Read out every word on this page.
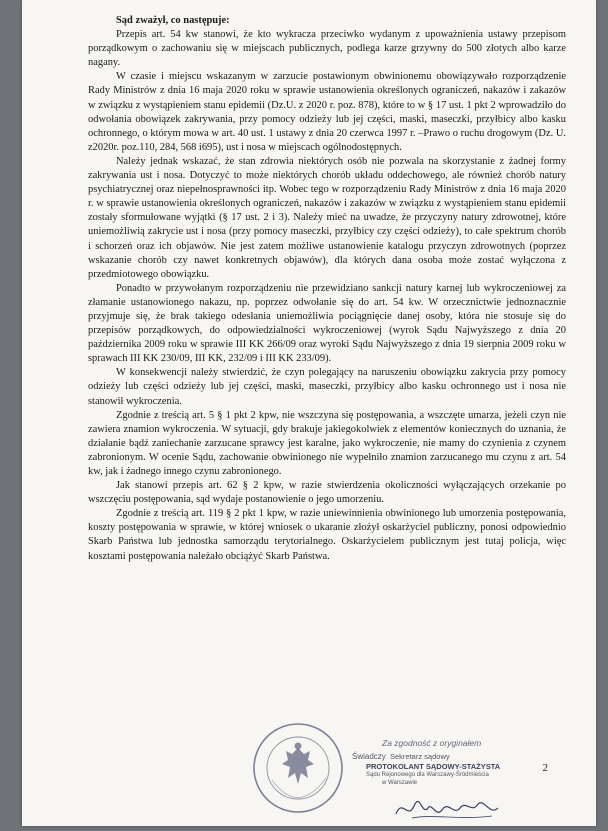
Sąd zważył, co następuje:

Przepis art. 54 kw stanowi, że kto wykracza przeciwko wydanym z upoważnienia ustawy przepisom porządkowym o zachowaniu się w miejscach publicznych, podlega karze grzywny do 500 złotych albo karze nagany.

W czasie i miejscu wskazanym w zarzucie postawionym obwinionemu obowiązywało rozporządzenie Rady Ministrów z dnia 16 maja 2020 roku w sprawie ustanowienia określonych ograniczeń, nakazów i zakazów w związku z wystąpieniem stanu epidemii (Dz.U. z 2020 r. poz. 878), które to w § 17 ust. 1 pkt 2 wprowadziło do odwołania obowiązek zakrywania, przy pomocy odzieży lub jej części, maski, maseczki, przyłbicy albo kasku ochronnego, o którym mowa w art. 40 ust. 1 ustawy z dnia 20 czerwca 1997 r. –Prawo o ruchu drogowym (Dz. U. z2020r. poz.110, 284, 568 i695), ust i nosa w miejscach ogólnodostępnych.

Należy jednak wskazać, że stan zdrowia niektórych osób nie pozwala na skorzystanie z żadnej formy zakrywania ust i nosa. Dotyczyć to może niektórych chorób układu oddechowego, ale również chorób natury psychiatrycznej oraz niepełnosprawności itp. Wobec tego w rozporządzeniu Rady Ministrów z dnia 16 maja 2020 r. w sprawie ustanowienia określonych ograniczeń, nakazów i zakazów w związku z wystąpieniem stanu epidemii zostały sformułowane wyjątki (§ 17 ust. 2 i 3). Należy mieć na uwadze, że przyczyny natury zdrowotnej, które uniemożliwią zakrycie ust i nosa (przy pomocy maseczki, przyłbicy czy części odzieży), to całe spektrum chorób i schorzeń oraz ich objawów. Nie jest zatem możliwe ustanowienie katalogu przyczyn zdrowotnych (poprzez wskazanie chorób czy nawet konkretnych objawów), dla których dana osoba może zostać wyłączona z przedmiotowego obowiązku.

Ponadto w przywołanym rozporządzeniu nie przewidziano sankcji natury karnej lub wykroczeniowej za złamanie ustanowionego nakazu, np. poprzez odwołanie się do art. 54 kw. W orzecznictwie jednoznacznie przyjmuje się, że brak takiego odesłania uniemożliwia pociągnięcie danej osoby, która nie stosuje się do przepisów porządkowych, do odpowiedzialności wykroczeniowej (wyrok Sądu Najwyższego z dnia 20 października 2009 roku w sprawie III KK 266/09 oraz wyroki Sądu Najwyższego z dnia 19 sierpnia 2009 roku w sprawach III KK 230/09, III KK, 232/09 i III KK 233/09).

W konsekwencji należy stwierdzić, że czyn polegający na naruszeniu obowiązku zakrycia przy pomocy odzieży lub części odzieży lub jej części, maski, maseczki, przyłbicy albo kasku ochronnego ust i nosa nie stanowił wykroczenia.

Zgodnie z treścią art. 5 § 1 pkt 2 kpw, nie wszczyna się postępowania, a wszczęte umarza, jeżeli czyn nie zawiera znamion wykroczenia. W sytuacji, gdy brakuje jakiegokolwiek z elementów koniecznych do uznania, że działanie bądź zaniechanie zarzucane sprawcy jest karalne, jako wykroczenie, nie mamy do czynienia z czynem zabronionym. W ocenie Sądu, zachowanie obwinionego nie wypełniło znamion zarzucanego mu czynu z art. 54 kw, jak i żadnego innego czynu zabronionego.

Jak stanowi przepis art. 62 § 2 kpw, w razie stwierdzenia okoliczności wyłączających orzekanie po wszczęciu postępowania, sąd wydaje postanowienie o jego umorzeniu.

Zgodnie z treścią art. 119 § 2 pkt 1 kpw, w razie uniewinnienia obwinionego lub umorzenia postępowania, koszty postępowania w sprawie, w której wniosek o ukaranie złożył oskarżyciel publiczny, ponosi odpowiednio Skarb Państwa lub jednostka samorządu terytorialnego. Oskarżycielem publicznym jest tutaj policja, więc kosztami postępowania należało obciążyć Skarb Państwa.

Za zgodność z oryginałem
Świadczy Sekretarz sądowy
PROTOKOLANT SĄDOWY-STAŻYSTA
Sądu Rejonowego dla Warszawy-Śródmieścia
w Warszawie
2
